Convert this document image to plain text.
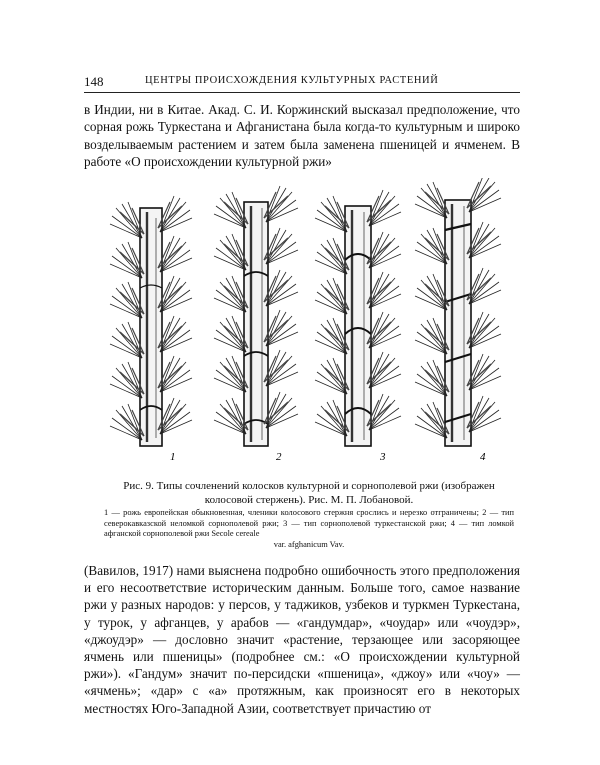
148	ЦЕНТРЫ ПРОИСХОЖДЕНИЯ КУЛЬТУРНЫХ РАСТЕНИЙ

в Индии, ни в Китае. Акад. С. И. Коржинский высказал предположение, что сорная рожь Туркестана и Афганистана была когда-то культурным и широко возделываемым растением и затем была заменена пшеницей и ячменем. В работе «О происхождении культурной ржи»

1	2	3	4

Рис. 9. Типы сочленений колосков культурной и сорнополевой ржи (изображен колосовой стержень). Рис. М. П. Лобановой.

1 — рожь европейская обыкновенная, членики колосового стержня срослись и нерезко отграничены; 2 — тип северокавказской неломкой сорнополевой ржи; 3 — тип сорнополевой туркестанской ржи; 4 — тип ломкой афганской сорнополевой ржи Secole cereale
var. afghanicum Vav.

(Вавилов, 1917) нами выяснена подробно ошибочность этого предположения и его несоответствие историческим данным. Больше того, самое название ржи у разных народов: у персов, у таджиков, узбеков и туркмен Туркестана, у турок, у афганцев, у арабов — «гандумдар», «чоудар» или «чоудэр», «джоудэр» — дословно значит «растение, терзающее или засоряющее ячмень или пшеницы» (подробнее см.: «О происхождении культурной ржи»). «Гандум» значит по-персидски «пшеница», «джоу» или «чоу» — «ячмень»; «дар» с «а» протяжным, как произносят его в некоторых местностях Юго-Западной Азии, соответствует причастию от
